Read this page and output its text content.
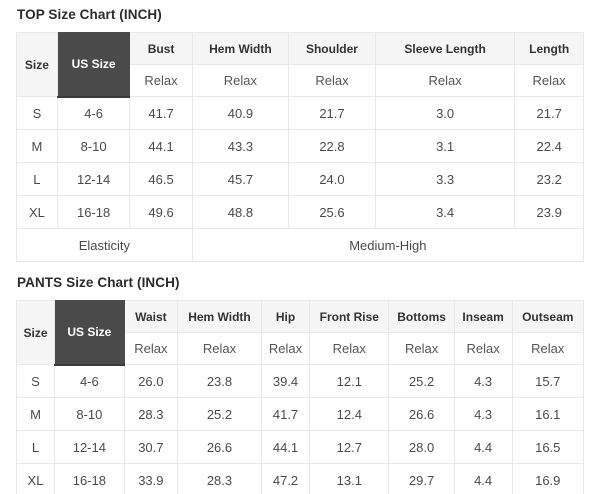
TOP Size Chart (INCH)
Size	US Size	Bust	Hem Width	Shoulder	Sleeve Length	Length
		Relax	Relax	Relax	Relax	Relax
S	4-6	41.7	40.9	21.7	3.0	21.7
M	8-10	44.1	43.3	22.8	3.1	22.4
L	12-14	46.5	45.7	24.0	3.3	23.2
XL	16-18	49.6	48.8	25.6	3.4	23.9
Elasticity			Medium-High			
PANTS Size Chart (INCH)
Size	US Size	Waist	Hem Width	Hip	Front Rise	Bottoms	Inseam	Outseam
		Relax	Relax	Relax	Relax	Relax	Relax	Relax
S	4-6	26.0	23.8	39.4	12.1	25.2	4.3	15.7
M	8-10	28.3	25.2	41.7	12.4	26.6	4.3	16.1
L	12-14	30.7	26.6	44.1	12.7	28.0	4.4	16.5
XL	16-18	33.9	28.3	47.2	13.1	29.7	4.4	16.9
